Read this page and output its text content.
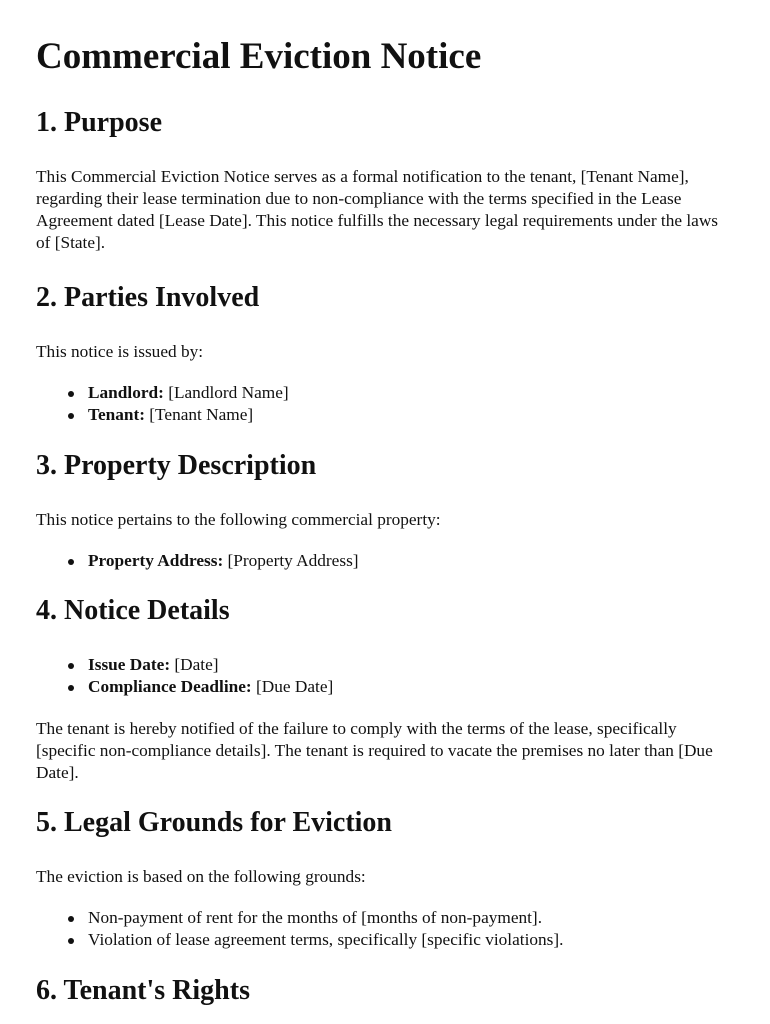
Commercial Eviction Notice
1. Purpose

This Commercial Eviction Notice serves as a formal notification to the tenant, [Tenant Name], regarding their lease termination due to non-compliance with the terms specified in the Lease Agreement dated [Lease Date]. This notice fulfills the necessary legal requirements under the laws of [State].

2. Parties Involved

This notice is issued by:

Landlord: [Landlord Name]
Tenant: [Tenant Name]
3. Property Description

This notice pertains to the following commercial property:

Property Address: [Property Address]
4. Notice Details
Issue Date: [Date]
Compliance Deadline: [Due Date]

The tenant is hereby notified of the failure to comply with the terms of the lease, specifically [specific non-compliance details]. The tenant is required to vacate the premises no later than [Due Date].

5. Legal Grounds for Eviction

The eviction is based on the following grounds:

Non-payment of rent for the months of [months of non-payment].
Violation of lease agreement terms, specifically [specific violations].
6. Tenant's Rights
